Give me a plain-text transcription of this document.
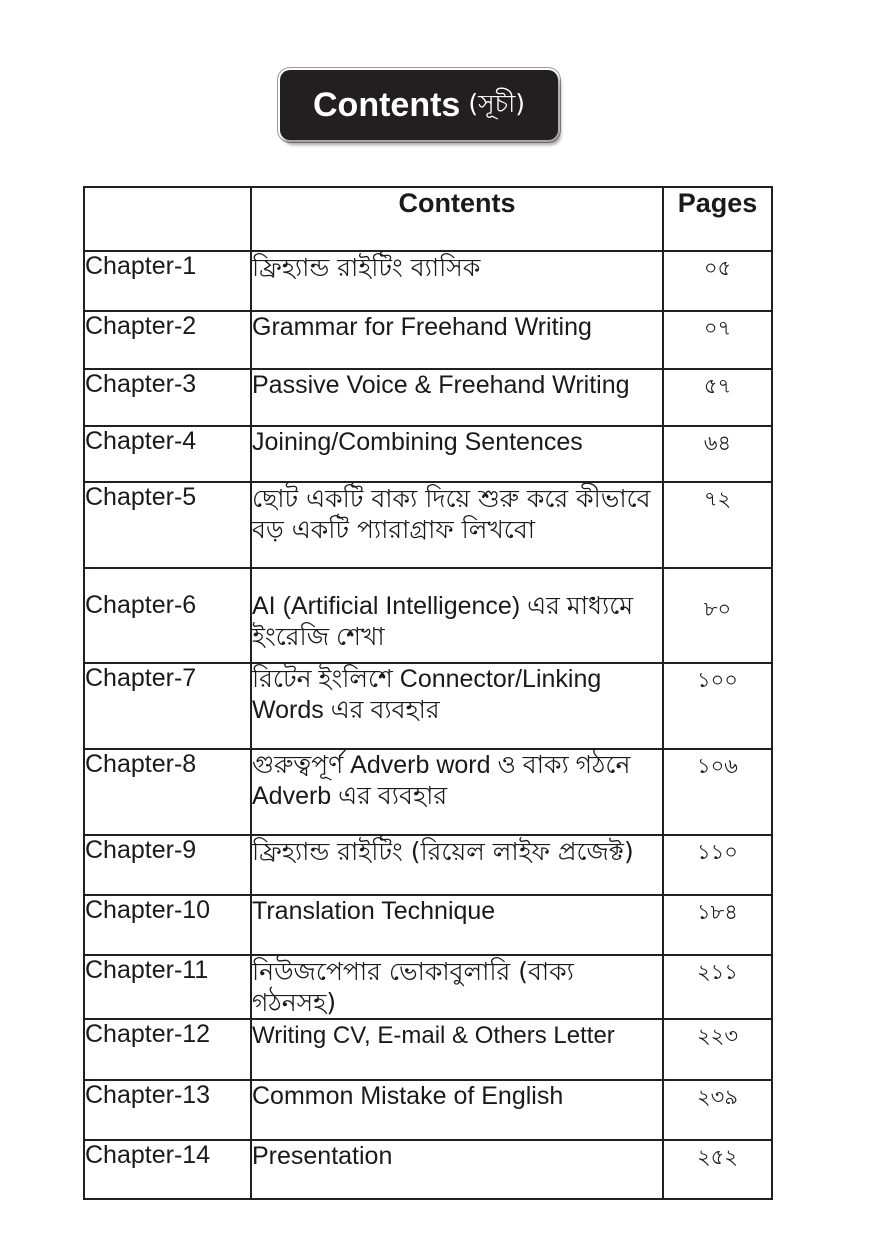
Contents (সূচী)
	Contents	Pages
Chapter-1	ফ্রিহ্যান্ড রাইটিং ব্যাসিক	০৫
Chapter-2	Grammar for Freehand Writing	০৭
Chapter-3	Passive Voice & Freehand Writing	৫৭
Chapter-4	Joining/Combining Sentences	৬৪
Chapter-5	ছোট একটি বাক্য দিয়ে শুরু করে কীভাবে বড় একটি প্যারাগ্রাফ লিখবো	৭২
Chapter-6	AI (Artificial Intelligence) এর মাধ্যমে ইংরেজি শেখা	৮০
Chapter-7	রিটেন ইংলিশে Connector/Linking Words এর ব্যবহার	১০০
Chapter-8	গুরুত্বপূর্ণ Adverb word ও বাক্য গঠনে Adverb এর ব্যবহার	১০৬
Chapter-9	ফ্রিহ্যান্ড রাইটিং (রিয়েল লাইফ প্রজেক্ট)	১১০
Chapter-10	Translation Technique	১৮৪
Chapter-11	নিউজপেপার ভোকাবুলারি (বাক্য গঠনসহ)	২১১
Chapter-12	Writing CV, E-mail & Others Letter	২২৩
Chapter-13	Common Mistake of English	২৩৯
Chapter-14	Presentation	২৫২
